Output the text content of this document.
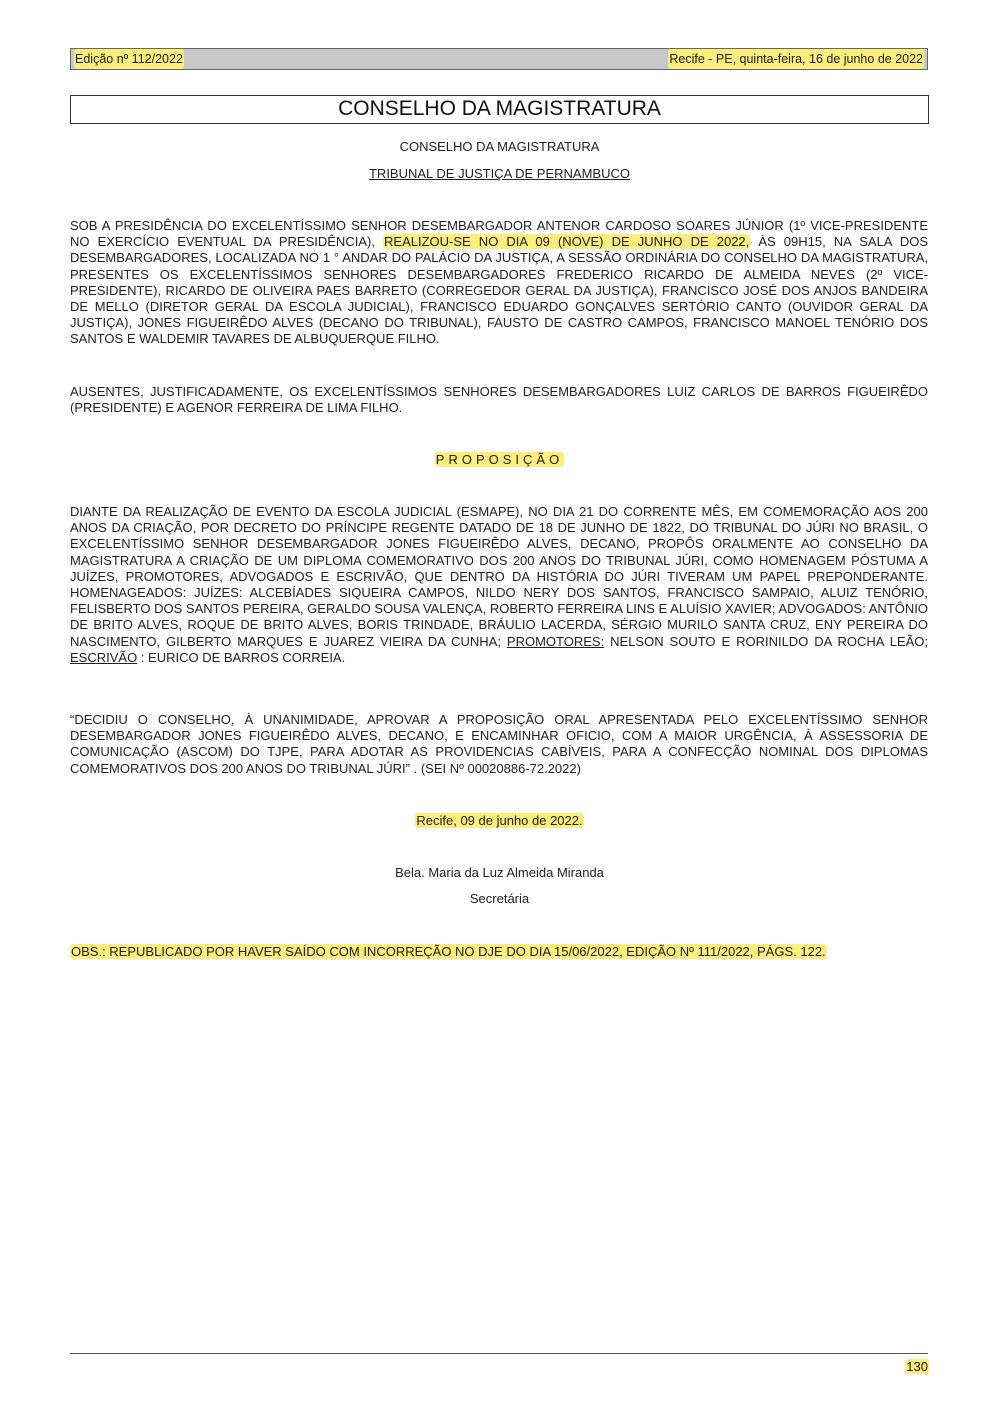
Edição nº 112/2022	Recife - PE, quinta-feira, 16 de junho de 2022
CONSELHO DA MAGISTRATURA
CONSELHO DA MAGISTRATURA
TRIBUNAL DE JUSTIÇA DE PERNAMBUCO

SOB A PRESIDÊNCIA DO EXCELENTÍSSIMO SENHOR DESEMBARGADOR ANTENOR CARDOSO SOARES JÚNIOR (1º VICE-PRESIDENTE NO EXERCÍCIO EVENTUAL DA PRESIDÊNCIA), REALIZOU-SE NO DIA 09 (NOVE) DE JUNHO DE 2022, ÀS 09H15, NA SALA DOS DESEMBARGADORES, LOCALIZADA NO 1 ° ANDAR DO PALÁCIO DA JUSTIÇA, A SESSÃO ORDINÁRIA DO CONSELHO DA MAGISTRATURA, PRESENTES OS EXCELENTÍSSIMOS SENHORES DESEMBARGADORES FREDERICO RICARDO DE ALMEIDA NEVES (2º VICE-PRESIDENTE), RICARDO DE OLIVEIRA PAES BARRETO (CORREGEDOR GERAL DA JUSTIÇA), FRANCISCO JOSÉ DOS ANJOS BANDEIRA DE MELLO (DIRETOR GERAL DA ESCOLA JUDICIAL), FRANCISCO EDUARDO GONÇALVES SERTÓRIO CANTO (OUVIDOR GERAL DA JUSTIÇA), JONES FIGUEIRÊDO ALVES (DECANO DO TRIBUNAL), FAUSTO DE CASTRO CAMPOS, FRANCISCO MANOEL TENÓRIO DOS SANTOS E WALDEMIR TAVARES DE ALBUQUERQUE FILHO.

AUSENTES, JUSTIFICADAMENTE, OS EXCELENTÍSSIMOS SENHORES DESEMBARGADORES LUIZ CARLOS DE BARROS FIGUEIRÊDO (PRESIDENTE) E AGENOR FERREIRA DE LIMA FILHO.

PROPOSIÇÃO

DIANTE DA REALIZAÇÃO DE EVENTO DA ESCOLA JUDICIAL (ESMAPE), NO DIA 21 DO CORRENTE MÊS, EM COMEMORAÇÃO AOS 200 ANOS DA CRIAÇÃO, POR DECRETO DO PRÍNCIPE REGENTE DATADO DE 18 DE JUNHO DE 1822, DO TRIBUNAL DO JÚRI NO BRASIL, O EXCELENTÍSSIMO SENHOR DESEMBARGADOR JONES FIGUEIRÊDO ALVES, DECANO, PROPÔS ORALMENTE AO CONSELHO DA MAGISTRATURA A CRIAÇÃO DE UM DIPLOMA COMEMORATIVO DOS 200 ANOS DO TRIBUNAL JÚRI, COMO HOMENAGEM PÓSTUMA A JUÍZES, PROMOTORES, ADVOGADOS E ESCRIVÃO, QUE DENTRO DA HISTÓRIA DO JÚRI TIVERAM UM PAPEL PREPONDERANTE. HOMENAGEADOS: JUÍZES: ALCEBÍADES SIQUEIRA CAMPOS, NILDO NERY DOS SANTOS, FRANCISCO SAMPAIO, ALUIZ TENÓRIO, FELISBERTO DOS SANTOS PEREIRA, GERALDO SOUSA VALENÇA, ROBERTO FERREIRA LINS E ALUÍSIO XAVIER; ADVOGADOS: ANTÔNIO DE BRITO ALVES, ROQUE DE BRITO ALVES, BORIS TRINDADE, BRÁULIO LACERDA, SÉRGIO MURILO SANTA CRUZ, ENY PEREIRA DO NASCIMENTO, GILBERTO MARQUES E JUAREZ VIEIRA DA CUNHA; PROMOTORES: NELSON SOUTO E RORINILDO DA ROCHA LEÃO; ESCRIVÃO : EURICO DE BARROS CORREIA.

“DECIDIU O CONSELHO, À UNANIMIDADE, APROVAR A PROPOSIÇÃO ORAL APRESENTADA PELO EXCELENTÍSSIMO SENHOR DESEMBARGADOR JONES FIGUEIRÊDO ALVES, DECANO, E ENCAMINHAR OFICIO, COM A MAIOR URGÊNCIA, À ASSESSORIA DE COMUNICAÇÃO (ASCOM) DO TJPE, PARA ADOTAR AS PROVIDENCIAS CABÍVEIS, PARA A CONFECÇÃO NOMINAL DOS DIPLOMAS COMEMORATIVOS DOS 200 ANOS DO TRIBUNAL JÚRI” . (SEI Nº 00020886-72.2022)

Recife, 09 de junho de 2022.
Bela. Maria da Luz Almeida Miranda
Secretária
OBS.: REPUBLICADO POR HAVER SAÍDO COM INCORREÇÃO NO DJE DO DIA 15/06/2022, EDIÇÃO Nº 111/2022, PÁGS. 122.
130
